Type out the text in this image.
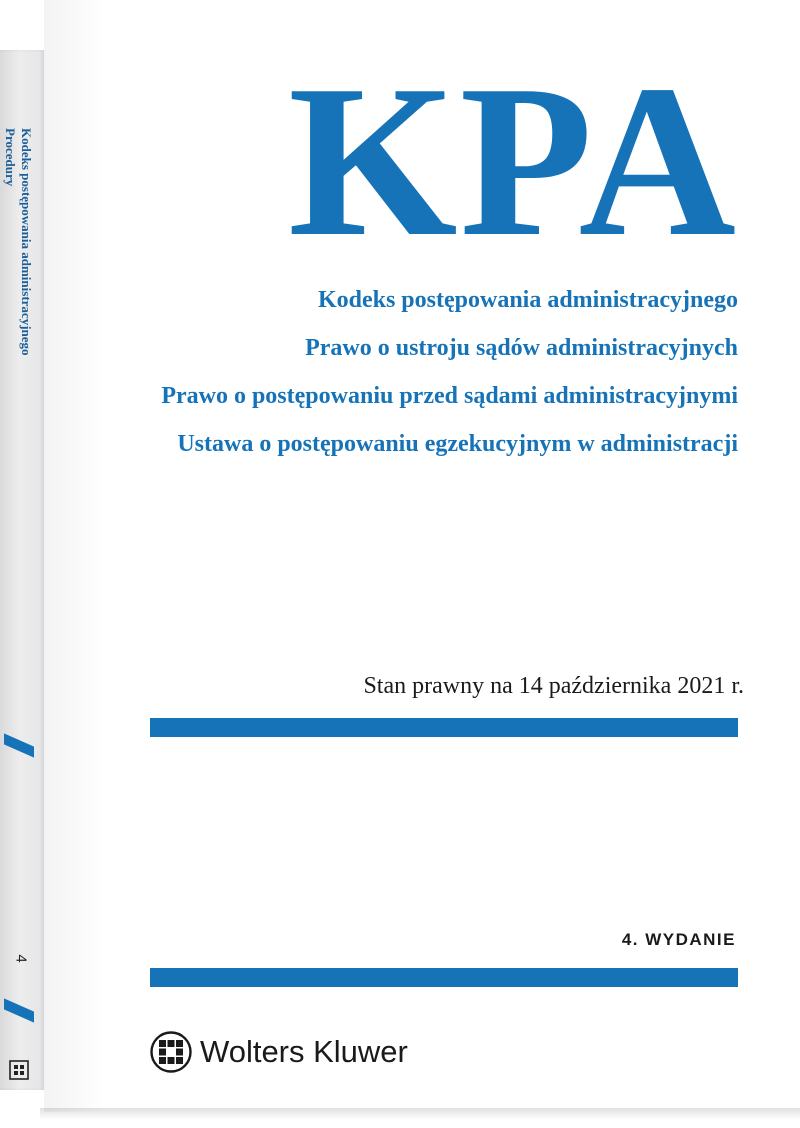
Kodeks postępowania administracyjnego
Procedury
4
KPA
Kodeks postępowania administracyjnego
Prawo o ustroju sądów administracyjnych
Prawo o postępowaniu przed sądami administracyjnymi
Ustawa o postępowaniu egzekucyjnym w administracji
Stan prawny na 14 października 2021 r.
4. WYDANIE
Wolters Kluwer
